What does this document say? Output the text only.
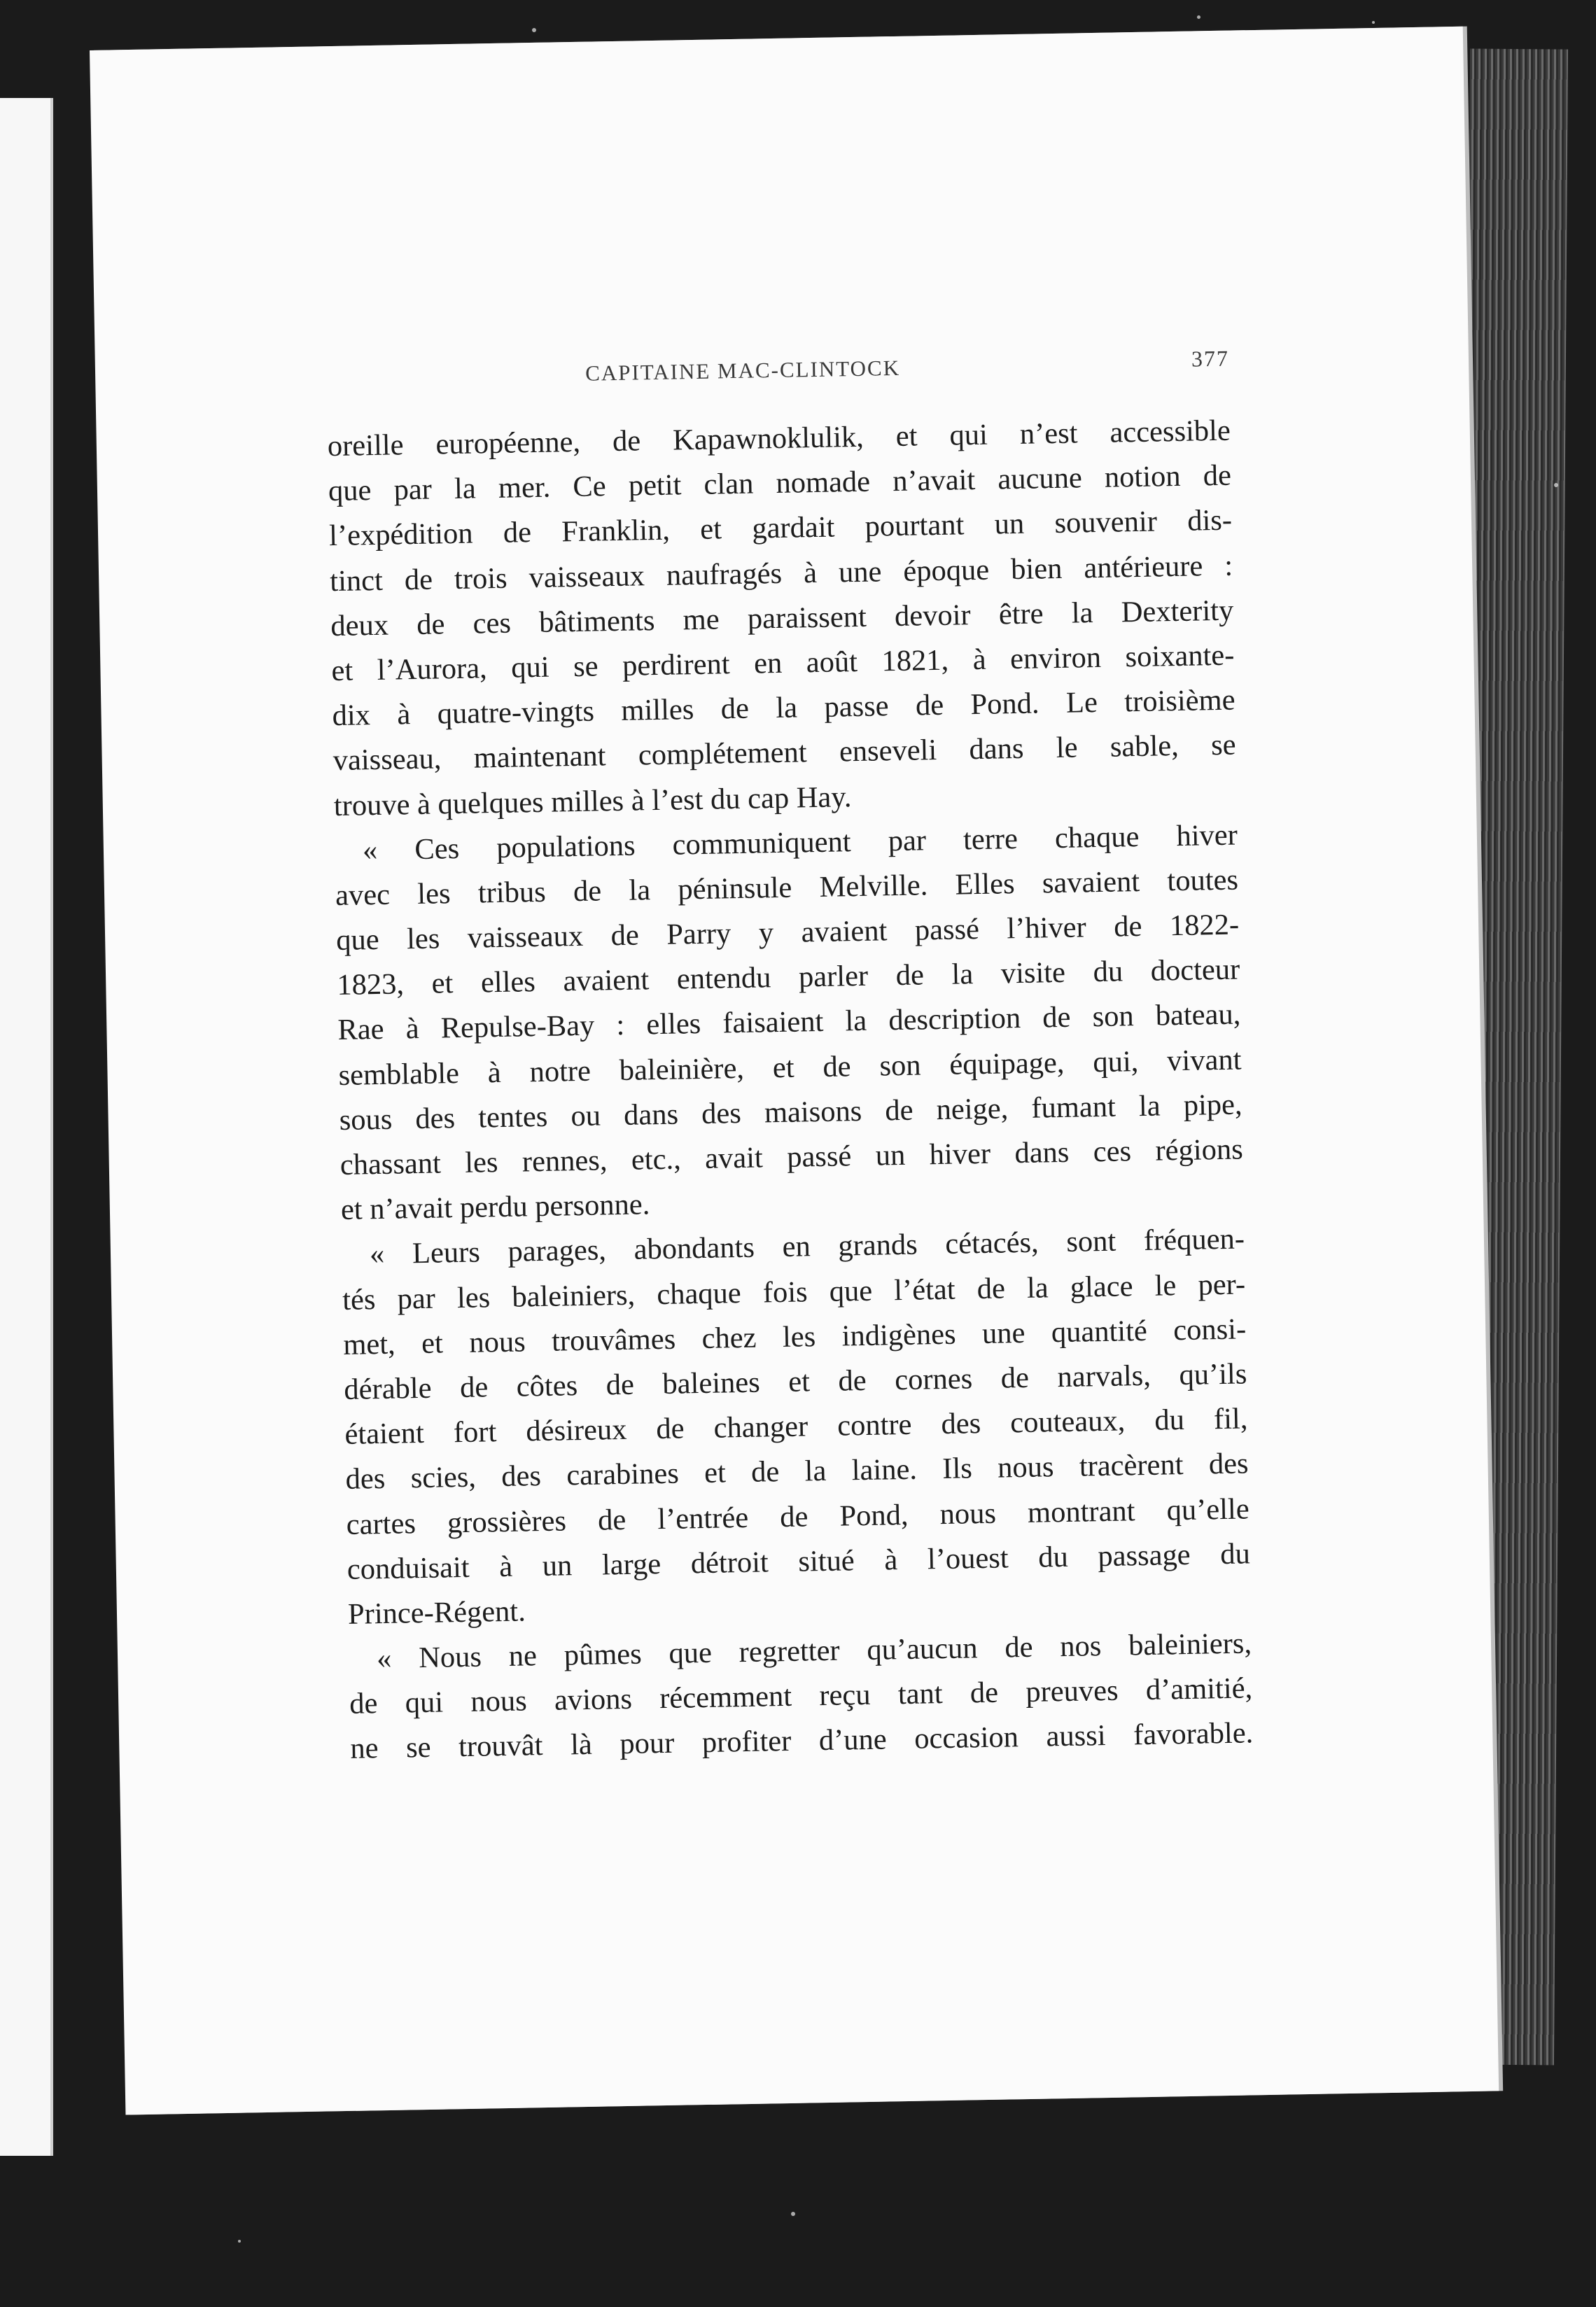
CAPITAINE MAC-CLINTOCK	377
oreille européenne, de Kapawnoklulik, et qui n’est accessible
que par la mer. Ce petit clan nomade n’avait aucune notion de
l’expédition de Franklin, et gardait pourtant un souvenir dis-
tinct de trois vaisseaux naufragés à une époque bien antérieure :
deux de ces bâtiments me paraissent devoir être la Dexterity
et l’Aurora, qui se perdirent en août 1821, à environ soixante-
dix à quatre-vingts milles de la passe de Pond. Le troisième
vaisseau, maintenant complétement enseveli dans le sable, se
trouve à quelques milles à l’est du cap Hay.
« Ces populations communiquent par terre chaque hiver
avec les tribus de la péninsule Melville. Elles savaient toutes
que les vaisseaux de Parry y avaient passé l’hiver de 1822-
1823, et elles avaient entendu parler de la visite du docteur
Rae à Repulse-Bay : elles faisaient la description de son bateau,
semblable à notre baleinière, et de son équipage, qui, vivant
sous des tentes ou dans des maisons de neige, fumant la pipe,
chassant les rennes, etc., avait passé un hiver dans ces régions
et n’avait perdu personne.
« Leurs parages, abondants en grands cétacés, sont fréquen-
tés par les baleiniers, chaque fois que l’état de la glace le per-
met, et nous trouvâmes chez les indigènes une quantité consi-
dérable de côtes de baleines et de cornes de narvals, qu’ils
étaient fort désireux de changer contre des couteaux, du fil,
des scies, des carabines et de la laine. Ils nous tracèrent des
cartes grossières de l’entrée de Pond, nous montrant qu’elle
conduisait à un large détroit situé à l’ouest du passage du
Prince-Régent.
« Nous ne pûmes que regretter qu’aucun de nos baleiniers,
de qui nous avions récemment reçu tant de preuves d’amitié,
ne se trouvât là pour profiter d’une occasion aussi favorable.
